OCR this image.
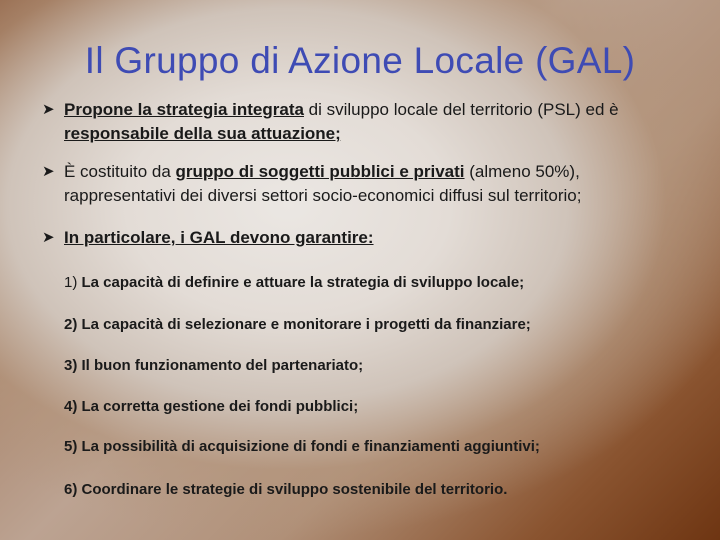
Il Gruppo di Azione Locale (GAL)
➤ Propone la strategia integrata di sviluppo locale del territorio (PSL) ed è responsabile della sua attuazione;
➤ È costituito da gruppo di soggetti pubblici e privati (almeno 50%), rappresentativi dei diversi settori socio-economici diffusi sul territorio;
➤ In particolare, i GAL devono garantire:
1) La capacità di definire e attuare la strategia di sviluppo locale;
2) La capacità di selezionare e monitorare i progetti da finanziare;
3) Il buon funzionamento del partenariato;
4) La corretta gestione dei fondi pubblici;
5) La possibilità di acquisizione di fondi e finanziamenti aggiuntivi;
6) Coordinare le strategie di sviluppo sostenibile del territorio.
